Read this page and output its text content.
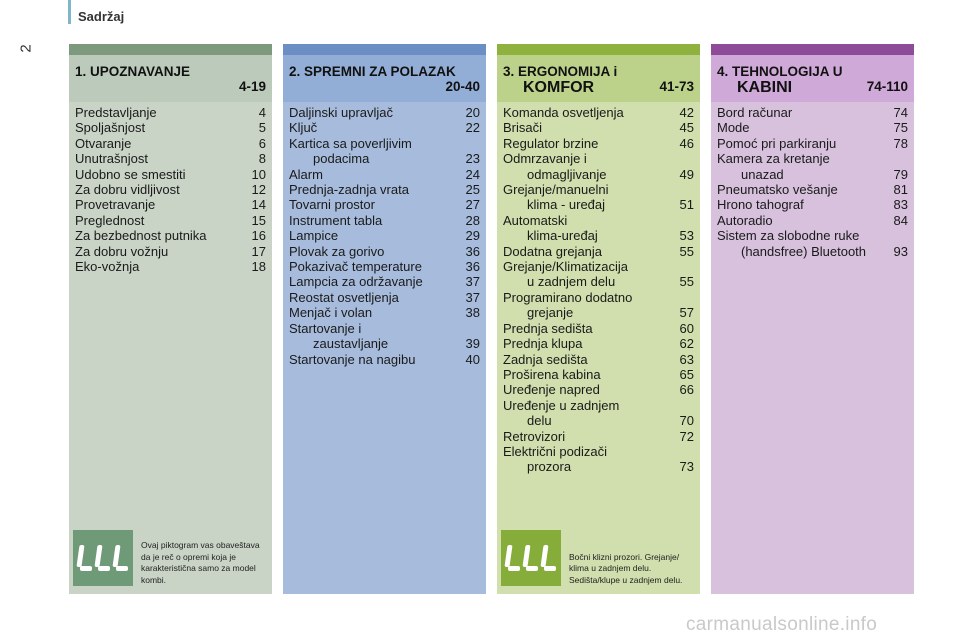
2
Sadržaj
1. UPOZNAVANJE
4-19
Predstavljanje	4
Spoljašnjost	5
Otvaranje	6
Unutrašnjost	8
Udobno se smestiti	10
Za dobru vidljivost	12
Provetravanje	14
Preglednost	15
Za bezbednost putnika	16
Za dobru vožnju	17
Eko-vožnja	18
Ovaj piktogram vas obaveštava da je reč o opremi koja je karakteristična samo za model kombi.
2. SPREMNI ZA POLAZAK
20-40
Daljinski upravljač	20
Ključ	22
Kartica sa poverljivim
podacima	23
Alarm	24
Prednja-zadnja vrata	25
Tovarni prostor	27
Instrument tabla	28
Lampice	29
Plovak za gorivo	36
Pokazivač temperature	36
Lampcia za održavanje	37
Reostat osvetljenja	37
Menjač i volan	38
Startovanje i
zaustavljanje	39
Startovanje na nagibu	40
3. ERGONOMIJA i
KOMFOR	41-73
Komanda osvetljenja	42
Brisači	45
Regulator brzine	46
Odmrzavanje i
odmagljivanje	49
Grejanje/manuelni
klima - uređaj	51
Automatski
klima-uređaj	53
Dodatna grejanja	55
Grejanje/Klimatizacija
u zadnjem delu	55
Programirano dodatno
grejanje	57
Prednja sedišta	60
Prednja klupa	62
Zadnja sedišta	63
Proširena kabina	65
Uređenje napred	66
Uređenje u zadnjem
delu	70
Retrovizori	72
Električni podizači
prozora	73
Bočni klizni prozori. Grejanje/ klima u zadnjem delu. Sedišta/klupe u zadnjem delu.
4. TEHNOLOGIJA U
KABINI	74-110
Bord računar	74
Mode	75
Pomoć pri parkiranju	78
Kamera za kretanje
unazad	79
Pneumatsko vešanje	81
Hrono tahograf	83
Autoradio	84
Sistem za slobodne ruke
(handsfree) Bluetooth	93
carmanualsonline.info
